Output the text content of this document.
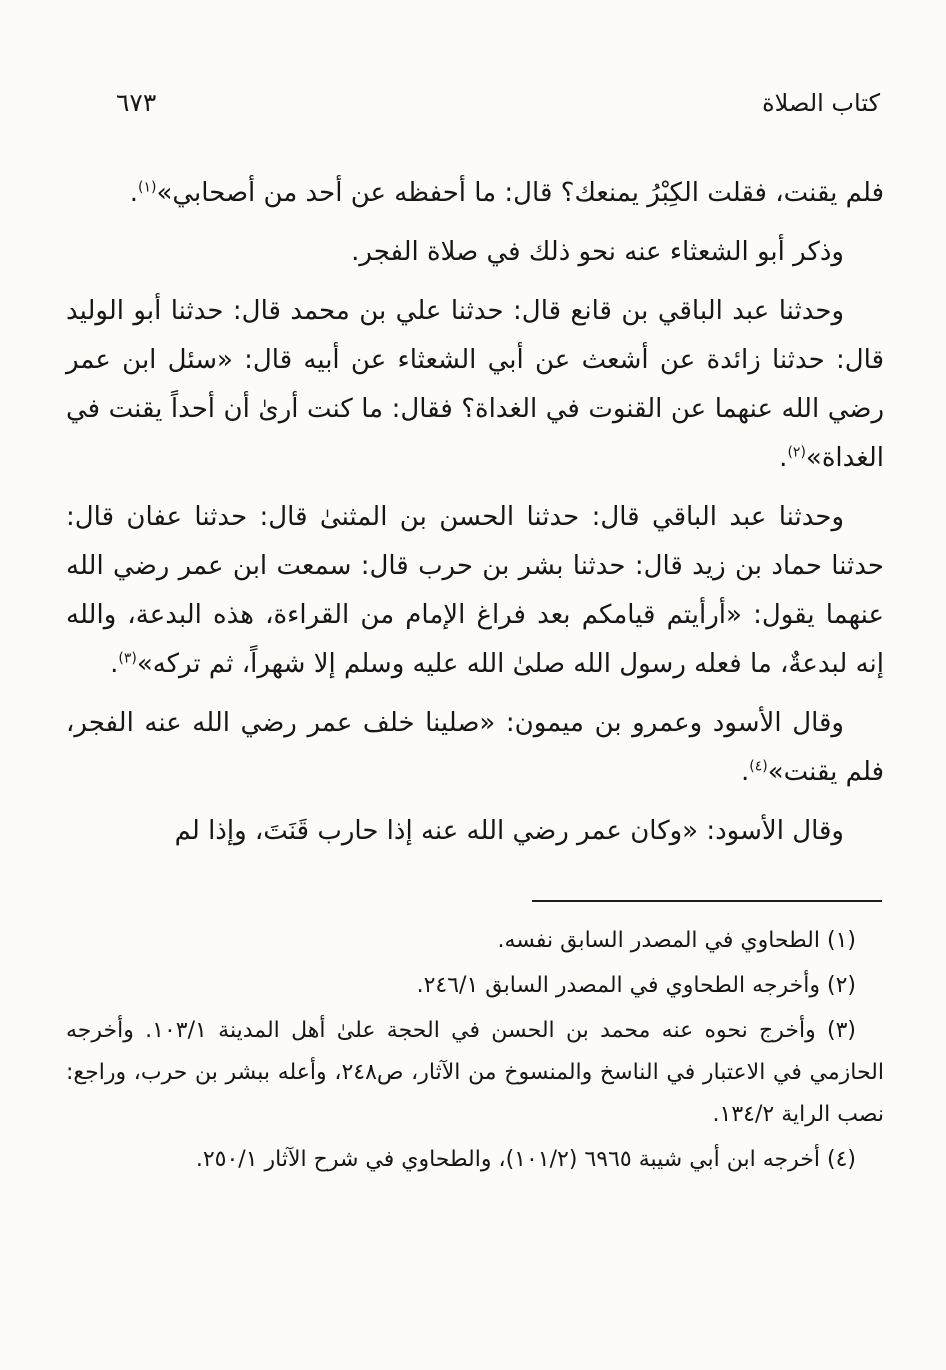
كتاب الصلاة
٦٧٣

فلم يقنت، فقلت الكِبْرُ يمنعك؟ قال: ما أحفظه عن أحد من أصحابي»$^{(١)}$.

وذكر أبو الشعثاء عنه نحو ذلك في صلاة الفجر.

وحدثنا عبد الباقي بن قانع قال: حدثنا علي بن محمد قال: حدثنا أبو الوليد قال: حدثنا زائدة عن أشعث عن أبي الشعثاء عن أبيه قال: «سئل ابن عمر رضي الله عنهما عن القنوت في الغداة؟ فقال: ما كنت أرىٰ أن أحداً يقنت في الغداة»$^{(٢)}$.

وحدثنا عبد الباقي قال: حدثنا الحسن بن المثنىٰ قال: حدثنا عفان قال: حدثنا حماد بن زيد قال: حدثنا بشر بن حرب قال: سمعت ابن عمر رضي الله عنهما يقول: «أرأيتم قيامكم بعد فراغ الإمام من القراءة، هذه البدعة، والله إنه لبدعةٌ، ما فعله رسول الله صلىٰ الله عليه وسلم إلا شهراً، ثم تركه»$^{(٣)}$.

وقال الأسود وعمرو بن ميمون: «صلينا خلف عمر رضي الله عنه الفجر، فلم يقنت»$^{(٤)}$.

وقال الأسود: «وكان عمر رضي الله عنه إذا حارب قَنَتَ، وإذا لم

(١) الطحاوي في المصدر السابق نفسه.

(٢) وأخرجه الطحاوي في المصدر السابق ٢٤٦/١.

(٣) وأخرج نحوه عنه محمد بن الحسن في الحجة علىٰ أهل المدينة ١٠٣/١. وأخرجه الحازمي في الاعتبار في الناسخ والمنسوخ من الآثار، ص٢٤٨، وأعله ببشر بن حرب، وراجع: نصب الراية ١٣٤/٢.

(٤) أخرجه ابن أبي شيبة ٦٩٦٥ (١٠١/٢)، والطحاوي في شرح الآثار ٢٥٠/١.
